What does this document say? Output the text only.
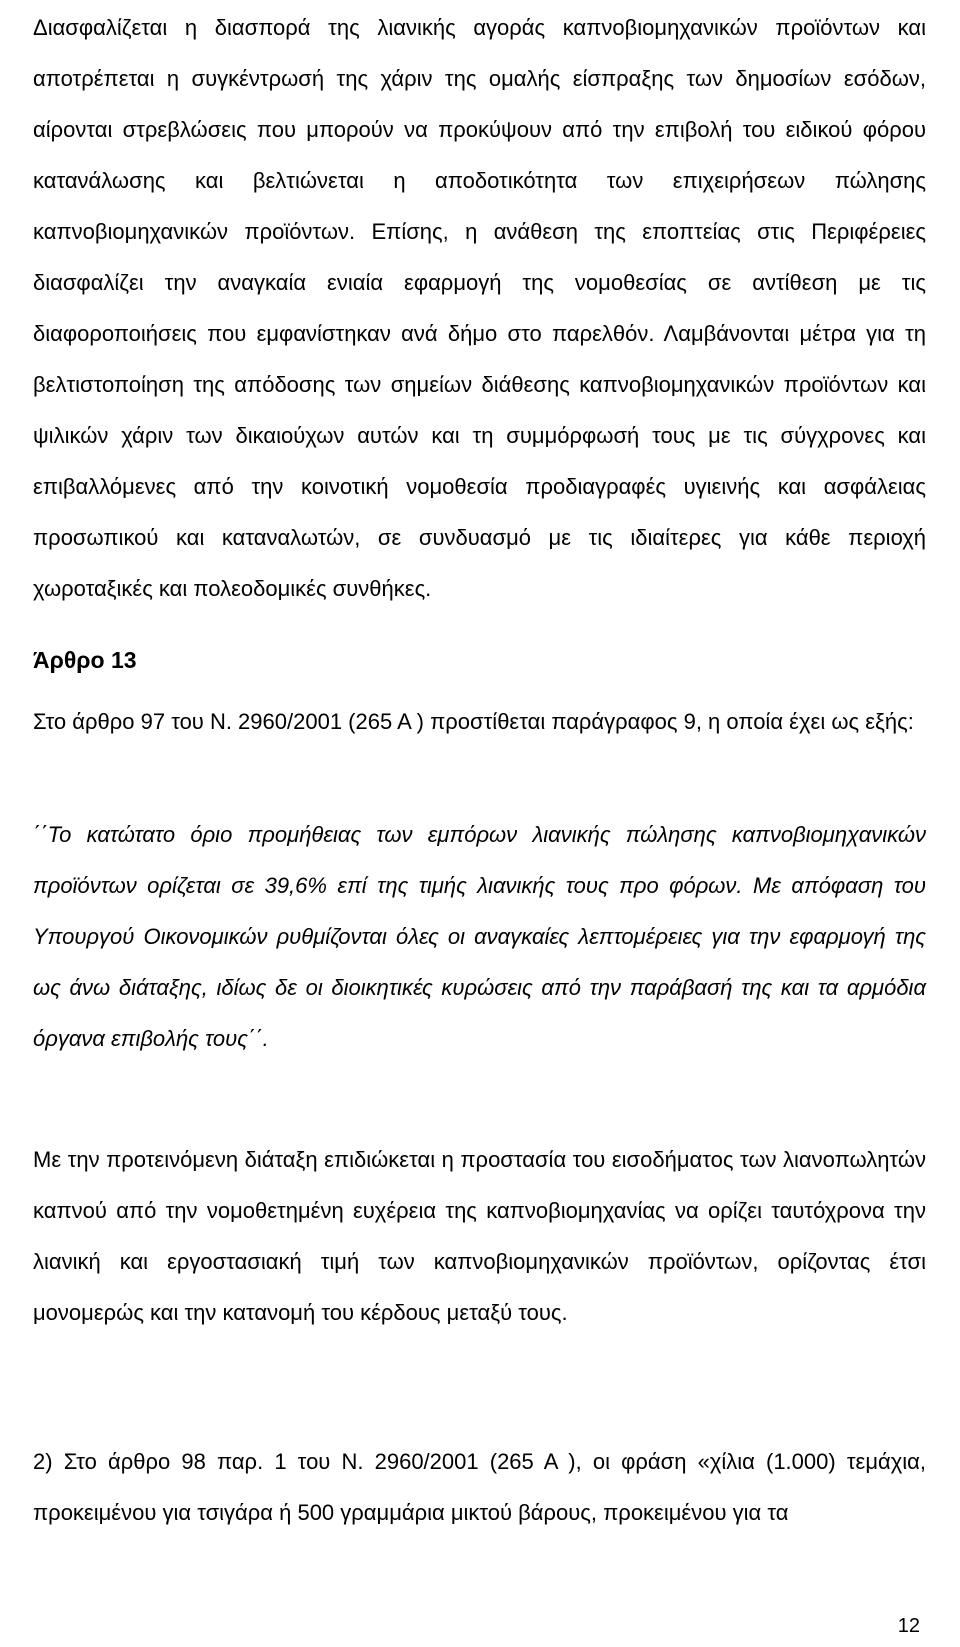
Διασφαλίζεται η διασπορά της λιανικής αγοράς καπνοβιομηχανικών προϊόντων και αποτρέπεται η συγκέντρωσή της χάριν της ομαλής είσπραξης των δημοσίων εσόδων, αίρονται στρεβλώσεις που μπορούν να προκύψουν από την επιβολή του ειδικού φόρου κατανάλωσης και βελτιώνεται η αποδοτικότητα των επιχειρήσεων πώλησης καπνοβιομηχανικών προϊόντων. Επίσης, η ανάθεση της εποπτείας στις Περιφέρειες διασφαλίζει την αναγκαία ενιαία εφαρμογή της νομοθεσίας σε αντίθεση με τις διαφοροποιήσεις που εμφανίστηκαν ανά δήμο στο παρελθόν. Λαμβάνονται μέτρα για τη βελτιστοποίηση της απόδοσης των σημείων διάθεσης καπνοβιομηχανικών προϊόντων και ψιλικών χάριν των δικαιούχων αυτών και τη συμμόρφωσή τους με τις σύγχρονες και επιβαλλόμενες από την κοινοτική νομοθεσία προδιαγραφές υγιεινής και ασφάλειας προσωπικού και καταναλωτών, σε συνδυασμό με τις ιδιαίτερες για κάθε περιοχή χωροταξικές και πολεοδομικές συνθήκες.

Άρθρο 13

Στο άρθρο 97 του Ν. 2960/2001 (265 Α ) προστίθεται παράγραφος 9, η οποία έχει ως εξής:

΄΄Το κατώτατο όριο προμήθειας των εμπόρων λιανικής πώλησης καπνοβιομηχανικών προϊόντων ορίζεται σε 39,6% επί της τιμής λιανικής τους προ φόρων. Με απόφαση του Υπουργού Οικονομικών ρυθμίζονται όλες οι αναγκαίες λεπτομέρειες για την εφαρμογή της ως άνω διάταξης, ιδίως δε οι διοικητικές κυρώσεις από την παράβασή της και τα αρμόδια όργανα επιβολής τους΄΄.

Με την προτεινόμενη διάταξη επιδιώκεται η προστασία του εισοδήματος των λιανοπωλητών καπνού από την νομοθετημένη ευχέρεια της καπνοβιομηχανίας να ορίζει ταυτόχρονα την λιανική και εργοστασιακή τιμή των καπνοβιομηχανικών προϊόντων, ορίζοντας έτσι μονομερώς και την κατανομή του κέρδους μεταξύ τους.

2) Στο άρθρο 98 παρ. 1 του Ν. 2960/2001 (265 Α ), οι φράση «χίλια (1.000) τεμάχια, προκειμένου για τσιγάρα ή 500 γραμμάρια μικτού βάρους, προκειμένου για τα

12
